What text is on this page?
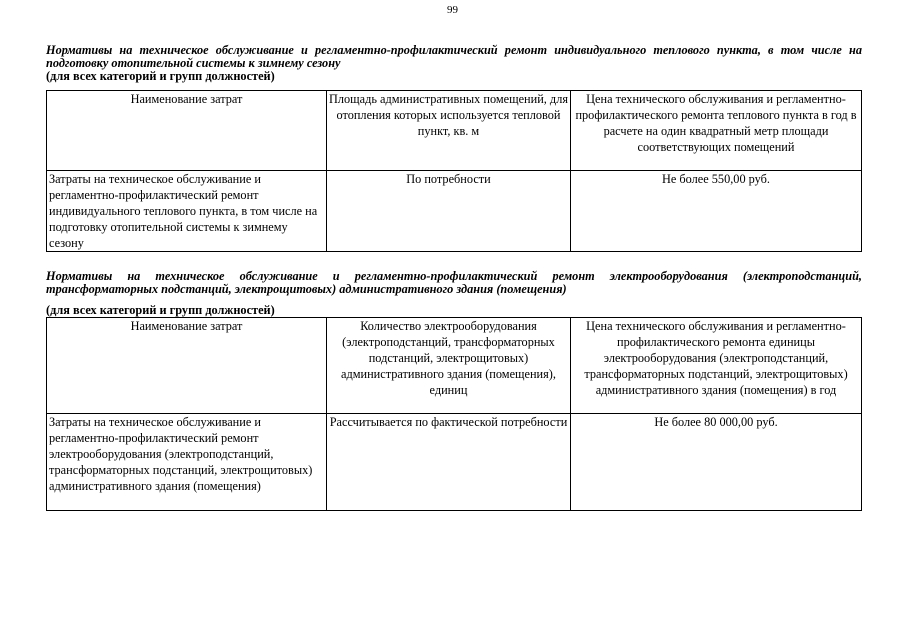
99
Нормативы на техническое обслуживание и регламентно-профилактический ремонт индивидуального теплового пункта, в том числе на подготовку отопительной системы к зимнему сезону
(для всех категорий и групп должностей)
Наименование затрат	Площадь административных помещений, для отопления которых используется тепловой пункт, кв. м	Цена технического обслуживания и регламентно-профилактического ремонта теплового пункта в год в расчете на один квадратный метр площади соответствующих помещений
Затраты на техническое обслуживание и регламентно-профилактический ремонт индивидуального теплового пункта, в том числе на подготовку отопительной системы к зимнему сезону	По потребности	Не более 550,00 руб.
Нормативы на техническое обслуживание и регламентно-профилактический ремонт электрооборудования (электроподстанций, трансформаторных подстанций, электрощитовых) административного здания (помещения)
(для всех категорий и групп должностей)
Наименование затрат	Количество электрооборудования (электроподстанций, трансформаторных подстанций, электрощитовых) административного здания (помещения), единиц	Цена технического обслуживания и регламентно-профилактического ремонта единицы электрооборудования (электроподстанций, трансформаторных подстанций, электрощитовых) административного здания (помещения) в год
Затраты на техническое обслуживание и регламентно-профилактический ремонт электрооборудования (электроподстанций, трансформаторных подстанций, электрощитовых) административного здания (помещения)	Рассчитывается по фактической потребности	Не более 80 000,00 руб.
